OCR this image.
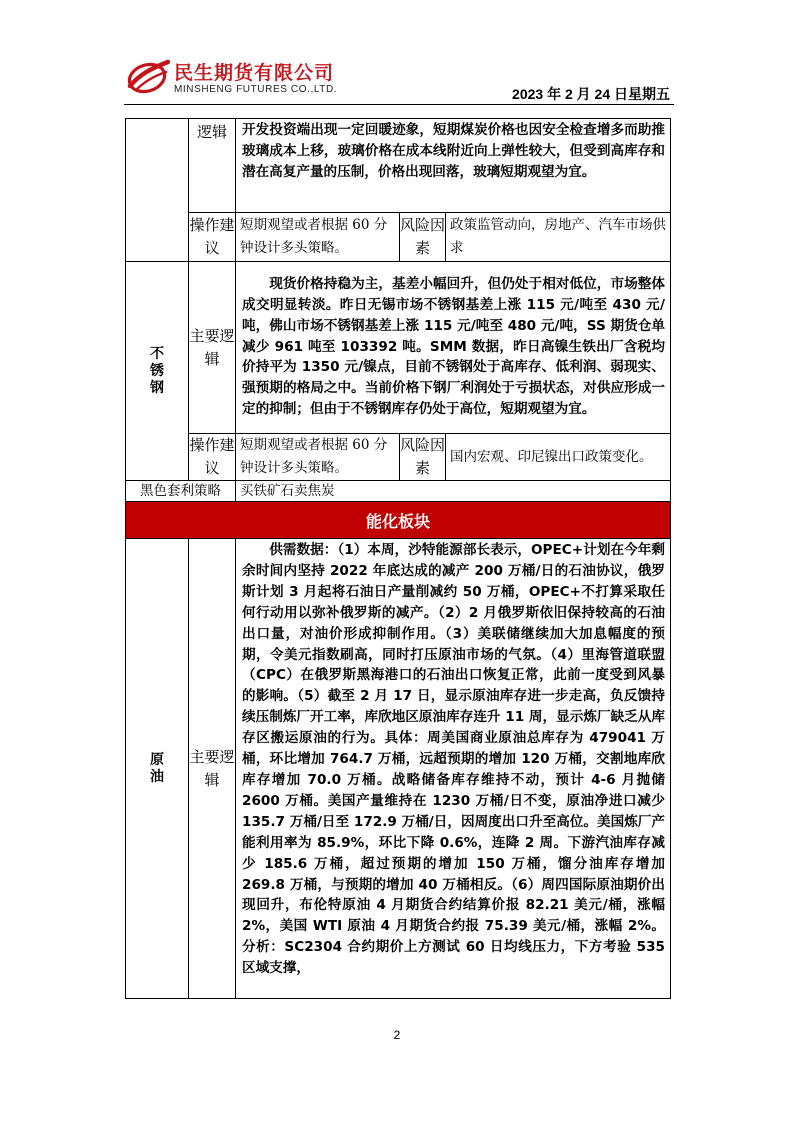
民生期货有限公司
MINSHENG FUTURES CO.,LTD.	2023 年 2 月 24 日星期五
	逻辑	开发投资端出现一定回暖迹象，短期煤炭价格也因安全检查增多而助推玻璃成本上移，玻璃价格在成本线附近向上弹性较大，但受到高库存和潜在高复产量的压制，价格出现回落，玻璃短期观望为宜。		
	操作建议	短期观望或者根据 60 分钟设计多头策略。	风险因素	政策监管动向，房地产、汽车市场供求

不锈钢	主要逻辑	现货价格持稳为主，基差小幅回升，但仍处于相对低位，市场整体成交明显转淡。昨日无锡市场不锈钢基差上涨 115 元/吨至 430 元/吨，佛山市场不锈钢基差上涨 115 元/吨至 480 元/吨，SS 期货仓单减少 961 吨至 103392 吨。SMM 数据，昨日高镍生铁出厂含税均价持平为 1350 元/镍点，目前不锈钢处于高库存、低利润、弱现实、强预期的格局之中。当前价格下钢厂利润处于亏损状态，对供应形成一定的抑制；但由于不锈钢库存仍处于高位，短期观望为宜。		
	操作建议	短期观望或者根据 60 分钟设计多头策略。	风险因素	国内宏观、印尼镍出口政策变化。
黑色套利策略		买铁矿石卖焦炭		
能化板块				

原油	主要逻辑	供需数据：（1）本周，沙特能源部长表示，OPEC+计划在今年剩余时间内坚持 2022 年底达成的减产 200 万桶/日的石油协议，俄罗斯计划 3 月起将石油日产量削减约 50 万桶，OPEC+不打算采取任何行动用以弥补俄罗斯的减产。（2）2 月俄罗斯依旧保持较高的石油出口量，对油价形成抑制作用。（3）美联储继续加大加息幅度的预期，令美元指数刷高，同时打压原油市场的气氛。（4）里海管道联盟（CPC）在俄罗斯黑海港口的石油出口恢复正常，此前一度受到风暴的影响。（5）截至 2 月 17 日，显示原油库存进一步走高，负反馈持续压制炼厂开工率，库欣地区原油库存连升 11 周，显示炼厂缺乏从库存区搬运原油的行为。具体：周美国商业原油总库存为 479041 万桶，环比增加 764.7 万桶，远超预期的增加 120 万桶，交割地库欣库存增加 70.0 万桶。战略储备库存维持不动，预计 4-6 月抛储 2600 万桶。美国产量维持在 1230 万桶/日不变，原油净进口减少 135.7 万桶/日至 172.9 万桶/日，因周度出口升至高位。美国炼厂产能利用率为 85.9%，环比下降 0.6%，连降 2 周。下游汽油库存减少 185.6 万桶，超过预期的增加 150 万桶，馏分油库存增加 269.8 万桶，与预期的增加 40 万桶相反。（6）周四国际原油期价出现回升，布伦特原油 4 月期货合约结算价报 82.21 美元/桶，涨幅 2%，美国 WTI 原油 4 月期货合约报 75.39 美元/桶，涨幅 2%。分析：SC2304 合约期价上方测试 60 日均线压力，下方考验 535 区域支撑，		
2
